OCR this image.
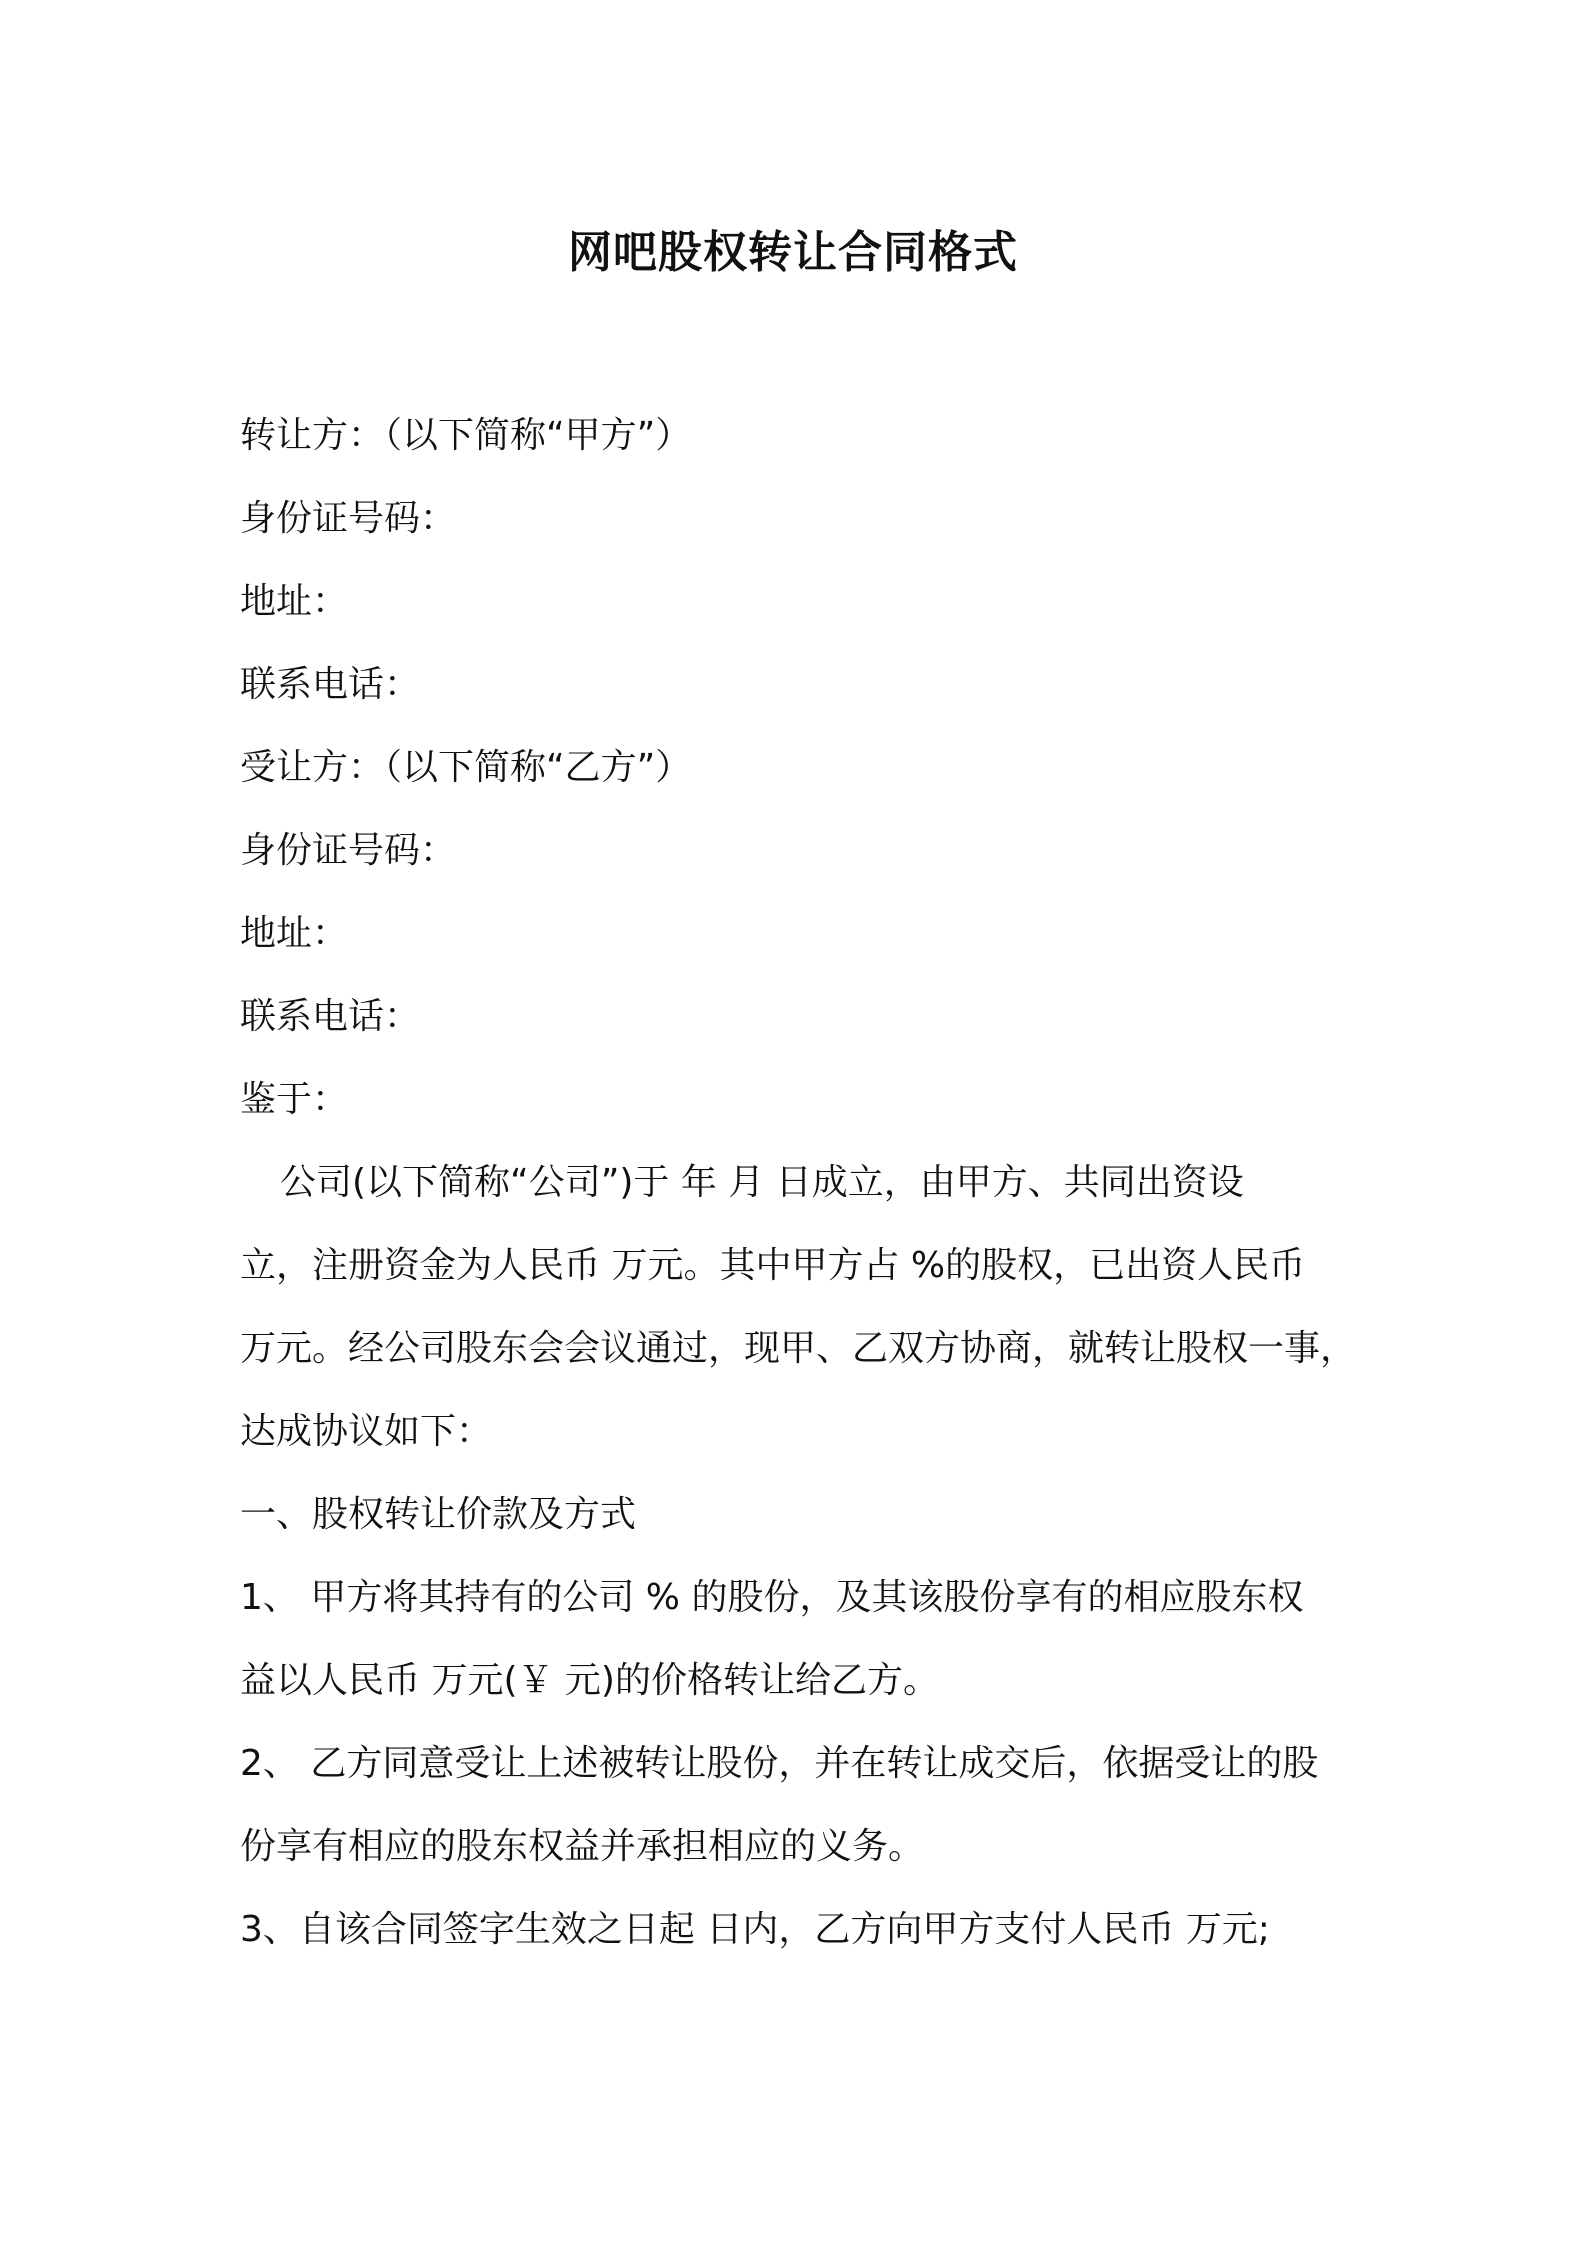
网吧股权转让合同格式
转让方：（以下简称“甲方”）
身份证号码：
地址：
联系电话：
受让方：（以下简称“乙方”）
身份证号码：
地址：
联系电话：
鉴于：
公司(以下简称“公司”)于 年 月 日成立，由甲方、共同出资设
立，注册资金为人民币 万元。其中甲方占 %的股权，已出资人民币
万元。经公司股东会会议通过，现甲、乙双方协商，就转让股权一事，
达成协议如下：
一、股权转让价款及方式
1、 甲方将其持有的公司 % 的股份，及其该股份享有的相应股东权
益以人民币 万元(￥ 元)的价格转让给乙方。
2、 乙方同意受让上述被转让股份，并在转让成交后，依据受让的股
份享有相应的股东权益并承担相应的义务。
3、自该合同签字生效之日起 日内，乙方向甲方支付人民币 万元;
